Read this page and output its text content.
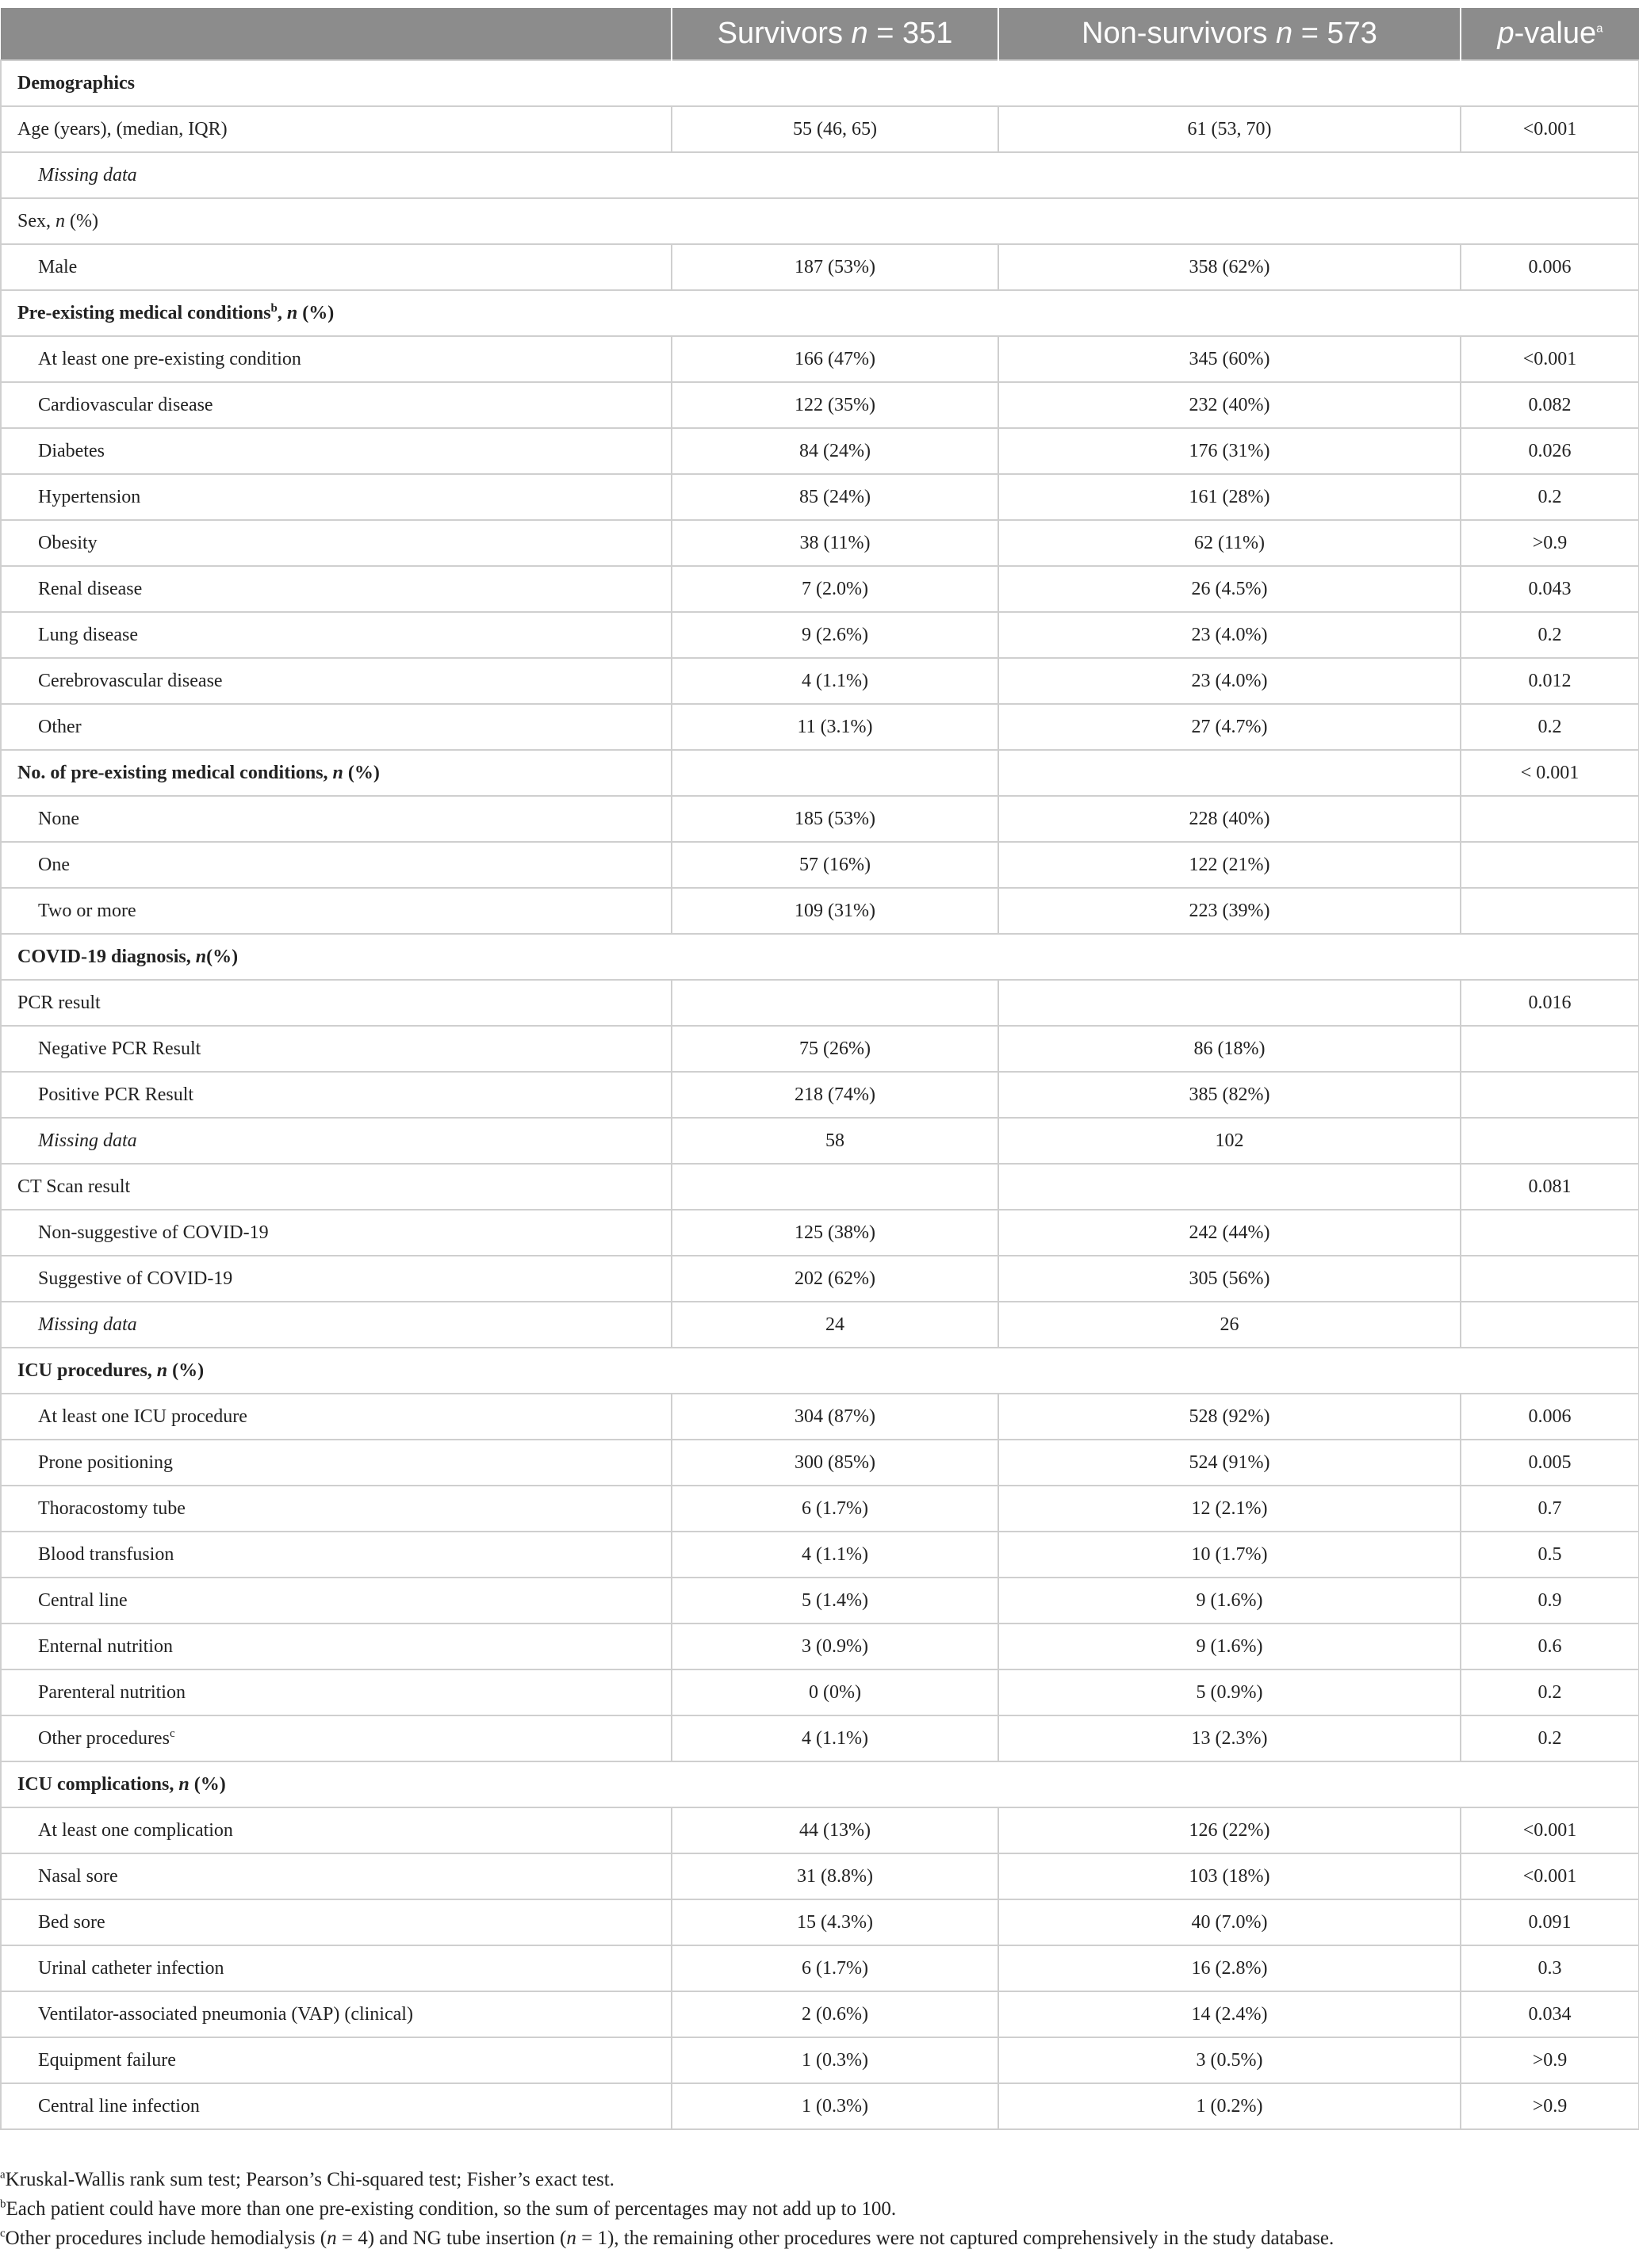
	Survivors n = 351	Non-survivors n = 573	p-value$^a$
Demographics			
Age (years), (median, IQR)	55 (46, 65)	61 (53, 70)	<0.001
Missing data			
Sex, n (%)			
Male	187 (53%)	358 (62%)	0.006
Pre-existing medical conditions$^b$, n (%)			
At least one pre-existing condition	166 (47%)	345 (60%)	<0.001
Cardiovascular disease	122 (35%)	232 (40%)	0.082
Diabetes	84 (24%)	176 (31%)	0.026
Hypertension	85 (24%)	161 (28%)	0.2
Obesity	38 (11%)	62 (11%)	>0.9
Renal disease	7 (2.0%)	26 (4.5%)	0.043
Lung disease	9 (2.6%)	23 (4.0%)	0.2
Cerebrovascular disease	4 (1.1%)	23 (4.0%)	0.012
Other	11 (3.1%)	27 (4.7%)	0.2
No. of pre-existing medical conditions, n (%)			< 0.001
None	185 (53%)	228 (40%)	
One	57 (16%)	122 (21%)	
Two or more	109 (31%)	223 (39%)	
COVID-19 diagnosis, n(%)			
PCR result			0.016
Negative PCR Result	75 (26%)	86 (18%)	
Positive PCR Result	218 (74%)	385 (82%)	
Missing data	58	102	
CT Scan result			0.081
Non-suggestive of COVID-19	125 (38%)	242 (44%)	
Suggestive of COVID-19	202 (62%)	305 (56%)	
Missing data	24	26	
ICU procedures, n (%)			
At least one ICU procedure	304 (87%)	528 (92%)	0.006
Prone positioning	300 (85%)	524 (91%)	0.005
Thoracostomy tube	6 (1.7%)	12 (2.1%)	0.7
Blood transfusion	4 (1.1%)	10 (1.7%)	0.5
Central line	5 (1.4%)	9 (1.6%)	0.9
Enternal nutrition	3 (0.9%)	9 (1.6%)	0.6
Parenteral nutrition	0 (0%)	5 (0.9%)	0.2
Other procedures$^c$	4 (1.1%)	13 (2.3%)	0.2
ICU complications, n (%)			
At least one complication	44 (13%)	126 (22%)	<0.001
Nasal sore	31 (8.8%)	103 (18%)	<0.001
Bed sore	15 (4.3%)	40 (7.0%)	0.091
Urinal catheter infection	6 (1.7%)	16 (2.8%)	0.3
Ventilator-associated pneumonia (VAP) (clinical)	2 (0.6%)	14 (2.4%)	0.034
Equipment failure	1 (0.3%)	3 (0.5%)	>0.9
Central line infection	1 (0.3%)	1 (0.2%)	>0.9

$^a$Kruskal-Wallis rank sum test; Pearson’s Chi-squared test; Fisher’s exact test.

$^b$Each patient could have more than one pre-existing condition, so the sum of percentages may not add up to 100.

$^c$Other procedures include hemodialysis (n = 4) and NG tube insertion (n = 1), the remaining other procedures were not captured comprehensively in the study database.
